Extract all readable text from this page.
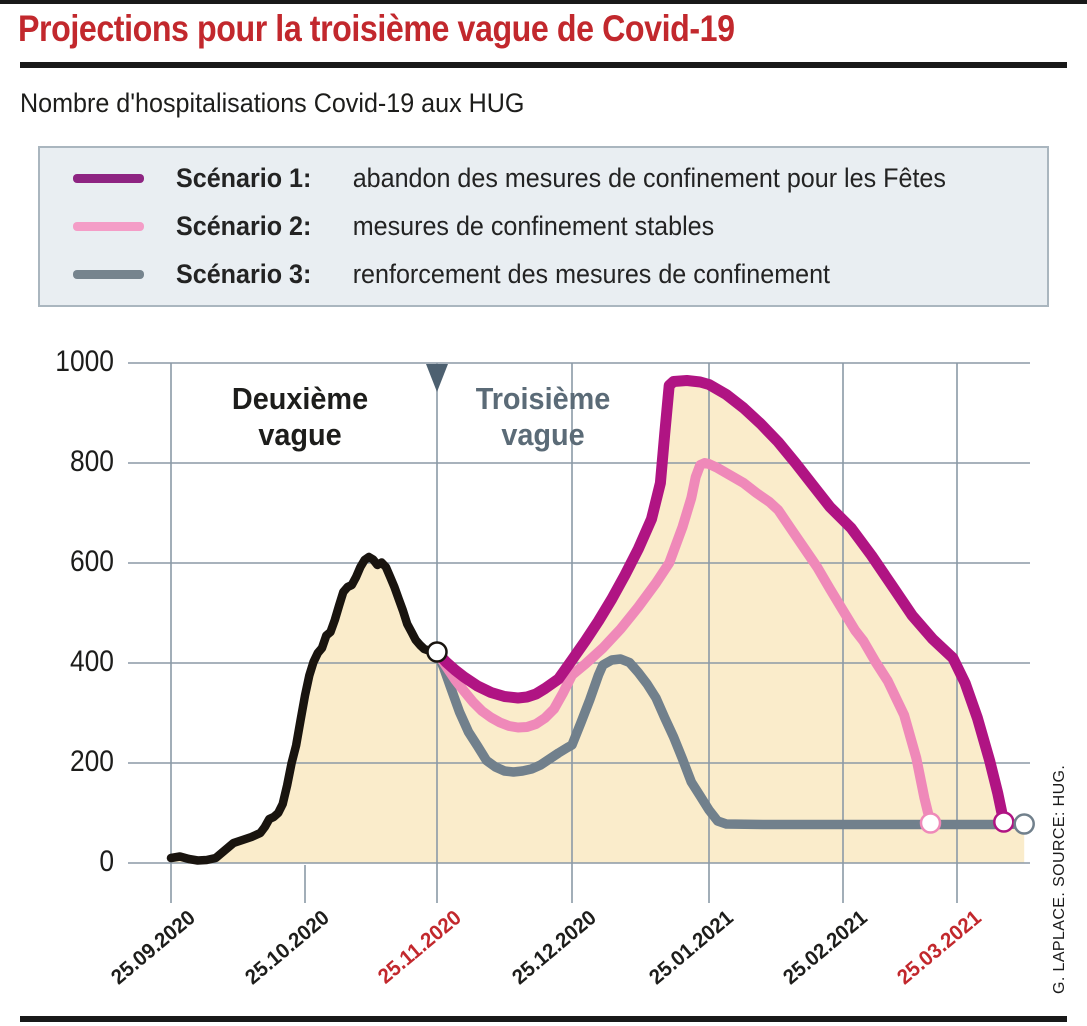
Projections pour la troisième vague de Covid-19
Nombre d'hospitalisations Covid-19 aux HUG
Scénario 1: abandon des mesures de confinement pour les Fêtes
Scénario 2: mesures de confinement stables
Scénario 3: renforcement des mesures de confinement
Deuxième vague
Troisième vague
0
200
400
600
800
1000
25.09.2020	25.10.2020	25.11.2020	25.12.2020	25.01.2021	25.02.2021	25.03.2021	G. LAPLACE. SOURCE: HUG.
